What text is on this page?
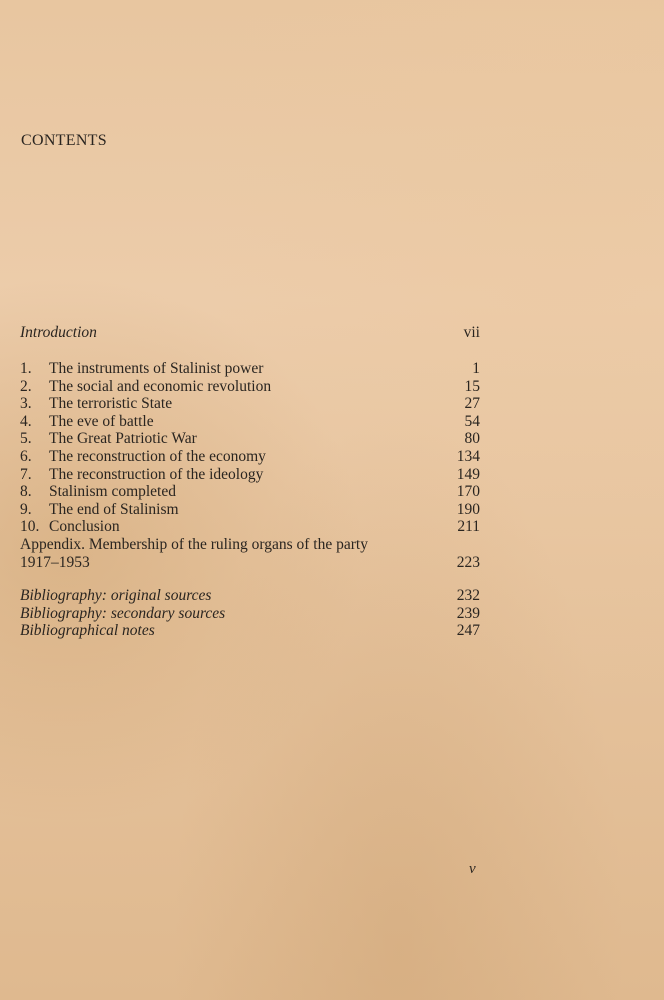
CONTENTS
Introduction	vii
1.	The instruments of Stalinist power	1
2.	The social and economic revolution	15
3.	The terroristic State	27
4.	The eve of battle	54
5.	The Great Patriotic War	80
6.	The reconstruction of the economy	134
7.	The reconstruction of the ideology	149
8.	Stalinism completed	170
9.	The end of Stalinism	190
10. Conclusion	211
Appendix. Membership of the ruling organs of the party
1917–1953	223
Bibliography: original sources	232
Bibliography: secondary sources	239
Bibliographical notes	247
v
